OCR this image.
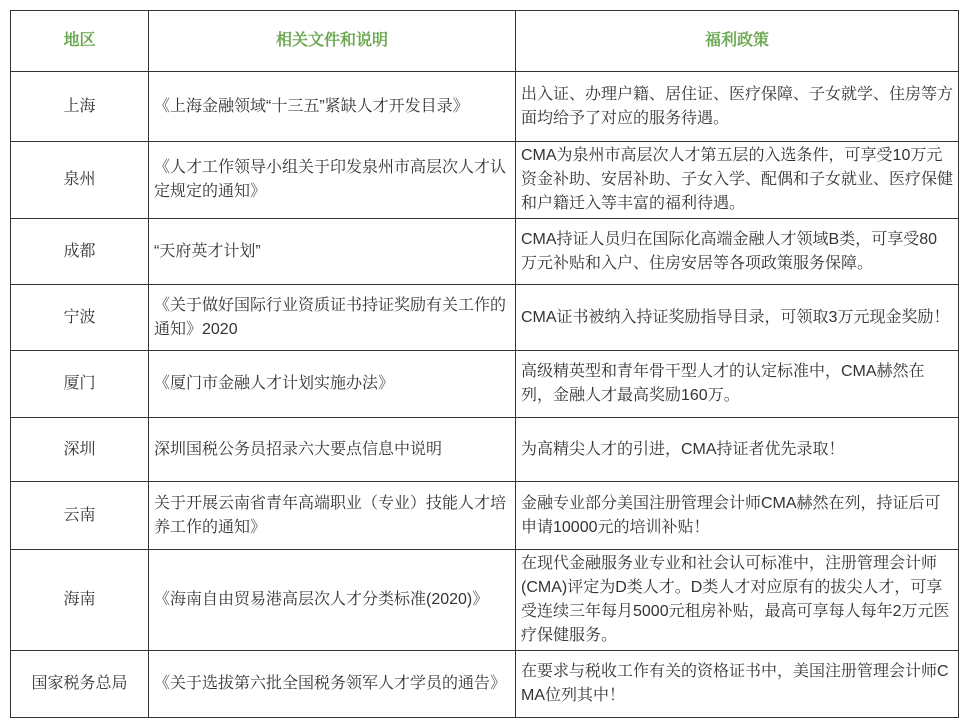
地区	相关文件和说明	福利政策
上海	《上海金融领域“十三五”紧缺人才开发目录》	出入证、办理户籍、居住证、医疗保障、子女就学、住房等方面均给予了对应的服务待遇。
泉州	《人才工作领导小组关于印发泉州市高层次人才认定规定的通知》	CMA为泉州市高层次人才第五层的入选条件，可享受10万元资金补助、安居补助、子女入学、配偶和子女就业、医疗保健和户籍迁入等丰富的福利待遇。
成都	“天府英才计划”	CMA持证人员归在国际化高端金融人才领域B类，可享受80万元补贴和入户、住房安居等各项政策服务保障。
宁波	《关于做好国际行业资质证书持证奖励有关工作的通知》2020	CMA证书被纳入持证奖励指导目录，可领取3万元现金奖励！
厦门	《厦门市金融人才计划实施办法》	高级精英型和青年骨干型人才的认定标准中，CMA赫然在列，金融人才最高奖励160万。
深圳	深圳国税公务员招录六大要点信息中说明	为高精尖人才的引进，CMA持证者优先录取！
云南	关于开展云南省青年高端职业（专业）技能人才培养工作的通知》	金融专业部分美国注册管理会计师CMA赫然在列，持证后可申请10000元的培训补贴！
海南	《海南自由贸易港高层次人才分类标准(2020)》	在现代金融服务业专业和社会认可标准中，注册管理会计师(CMA)评定为D类人才。D类人才对应原有的拔尖人才，可享受连续三年每月5000元租房补贴，最高可享每人每年2万元医疗保健服务。
国家税务总局	《关于选拔第六批全国税务领军人才学员的通告》	在要求与税收工作有关的资格证书中，美国注册管理会计师CMA位列其中！
